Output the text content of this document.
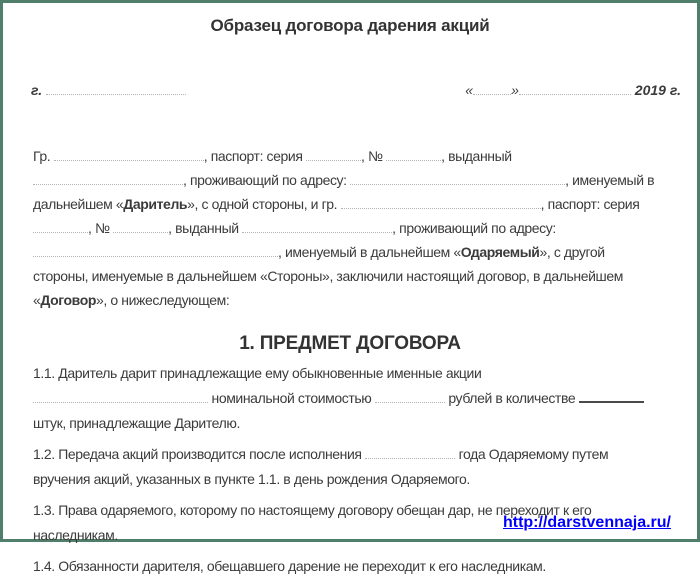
Образец договора дарения акций
г.	«	»	2019 г.

Гр.	, паспорт: серия	, №	, выданный , проживающий по адресу:	, именуемый в дальнейшем «Даритель», с одной стороны, и гр.	, паспорт: серия , №	, выданный	, проживающий по адресу: , именуемый в дальнейшем «Одаряемый», с другой стороны, именуемые в дальнейшем «Стороны», заключили настоящий договор, в дальнейшем «Договор», о нижеследующем:

1. ПРЕДМЕТ ДОГОВОРА

1.1. Даритель дарит принадлежащие ему обыкновенные именные акции  номинальной стоимостью	рублей в количестве  штук, принадлежащие Дарителю.

1.2. Передача акций производится после исполнения	года Одаряемому путем вручения акций, указанных в пункте 1.1. в день рождения Одаряемого.

1.3. Права одаряемого, которому по настоящему договору обещан дар, не переходит к его наследникам.

1.4. Обязанности дарителя, обещавшего дарение не переходит к его наследникам.

http://darstvennaja.ru/
